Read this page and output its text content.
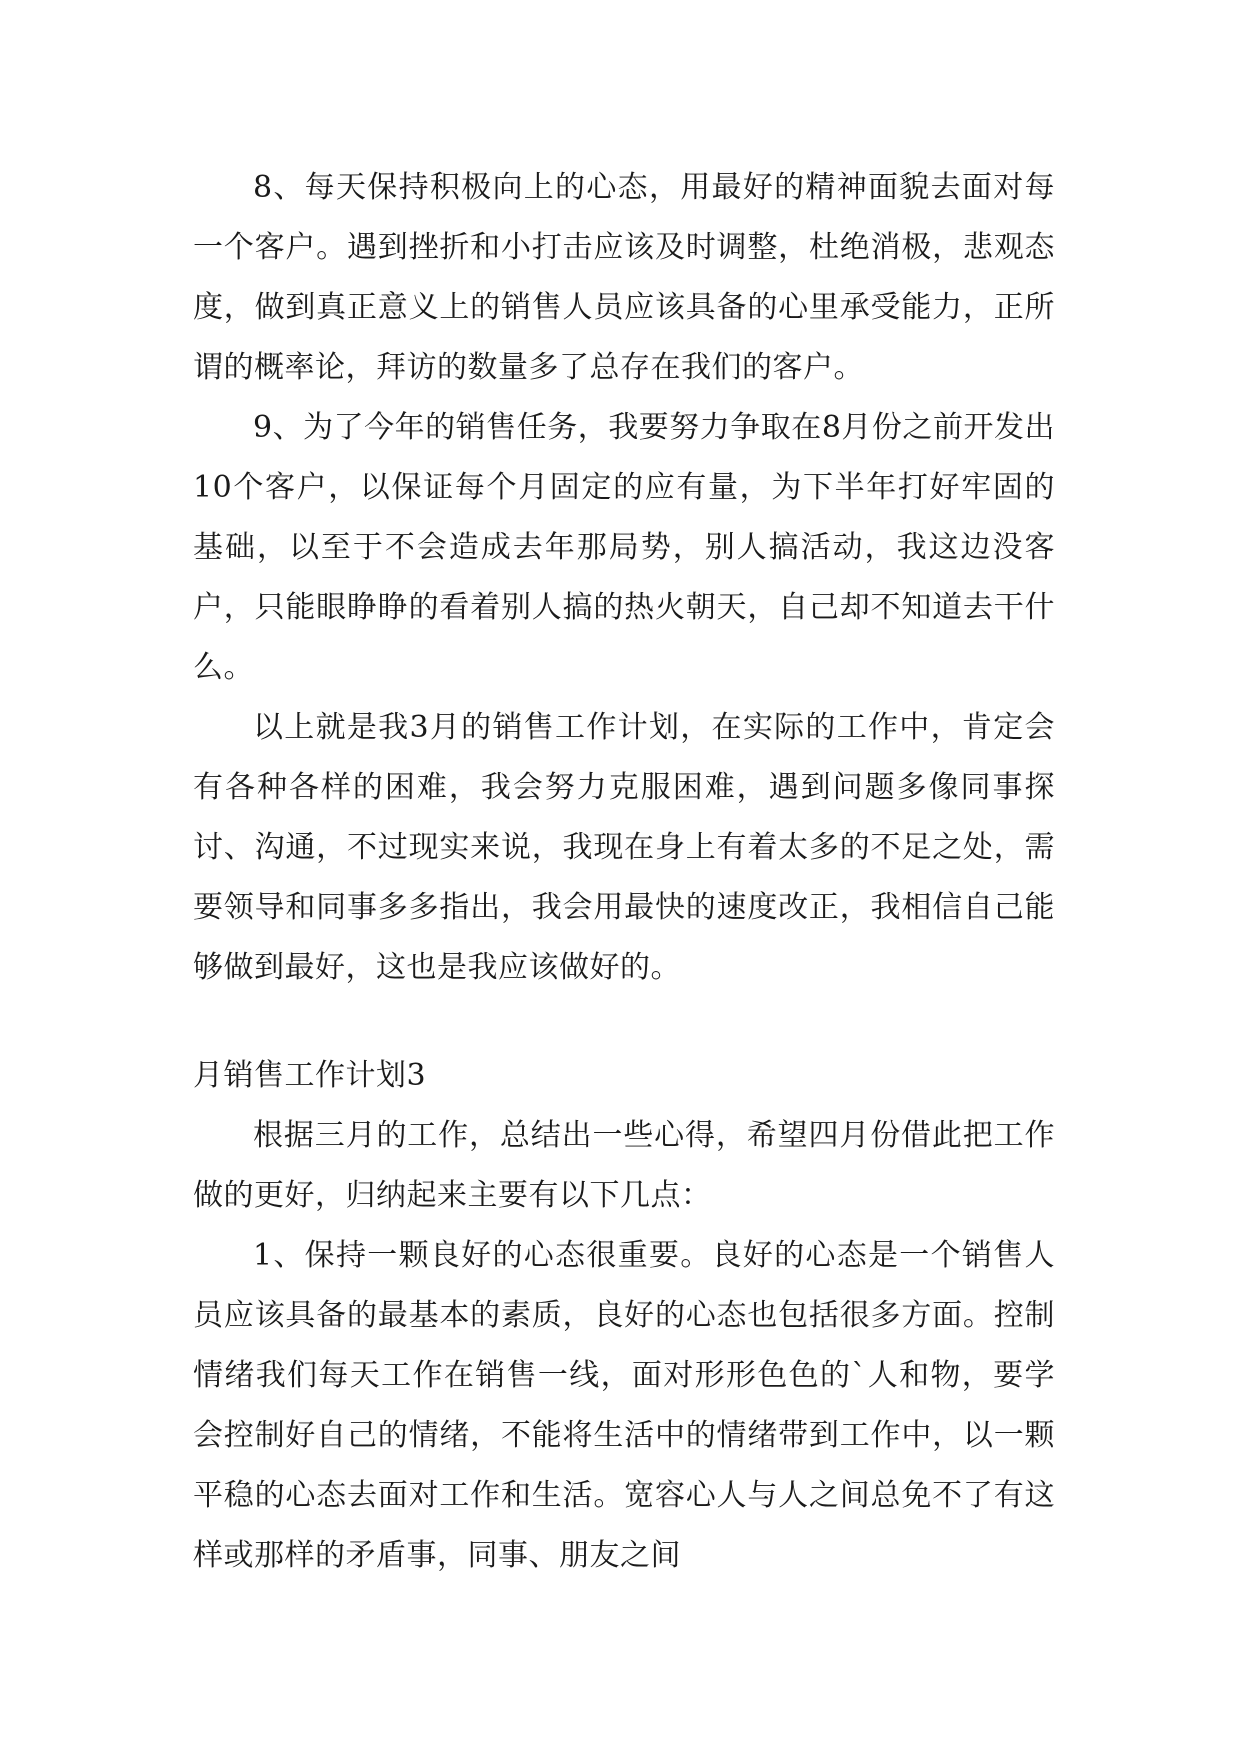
8、每天保持积极向上的心态，用最好的精神面貌去面对每一个客户。遇到挫折和小打击应该及时调整，杜绝消极，悲观态度，做到真正意义上的销售人员应该具备的心里承受能力，正所谓的概率论，拜访的数量多了总存在我们的客户。

9、为了今年的销售任务，我要努力争取在8月份之前开发出10个客户，以保证每个月固定的应有量，为下半年打好牢固的基础，以至于不会造成去年那局势，别人搞活动，我这边没客户，只能眼睁睁的看着别人搞的热火朝天，自己却不知道去干什么。

以上就是我3月的销售工作计划，在实际的工作中，肯定会有各种各样的困难，我会努力克服困难，遇到问题多像同事探讨、沟通，不过现实来说，我现在身上有着太多的不足之处，需要领导和同事多多指出，我会用最快的速度改正，我相信自己能够做到最好，这也是我应该做好的。

月销售工作计划3

根据三月的工作，总结出一些心得，希望四月份借此把工作做的更好，归纳起来主要有以下几点：

1、保持一颗良好的心态很重要。良好的心态是一个销售人员应该具备的最基本的素质，良好的心态也包括很多方面。控制情绪我们每天工作在销售一线，面对形形色色的`人和物，要学会控制好自己的情绪，不能将生活中的情绪带到工作中，以一颗平稳的心态去面对工作和生活。宽容心人与人之间总免不了有这样或那样的矛盾事，同事、朋友之间
